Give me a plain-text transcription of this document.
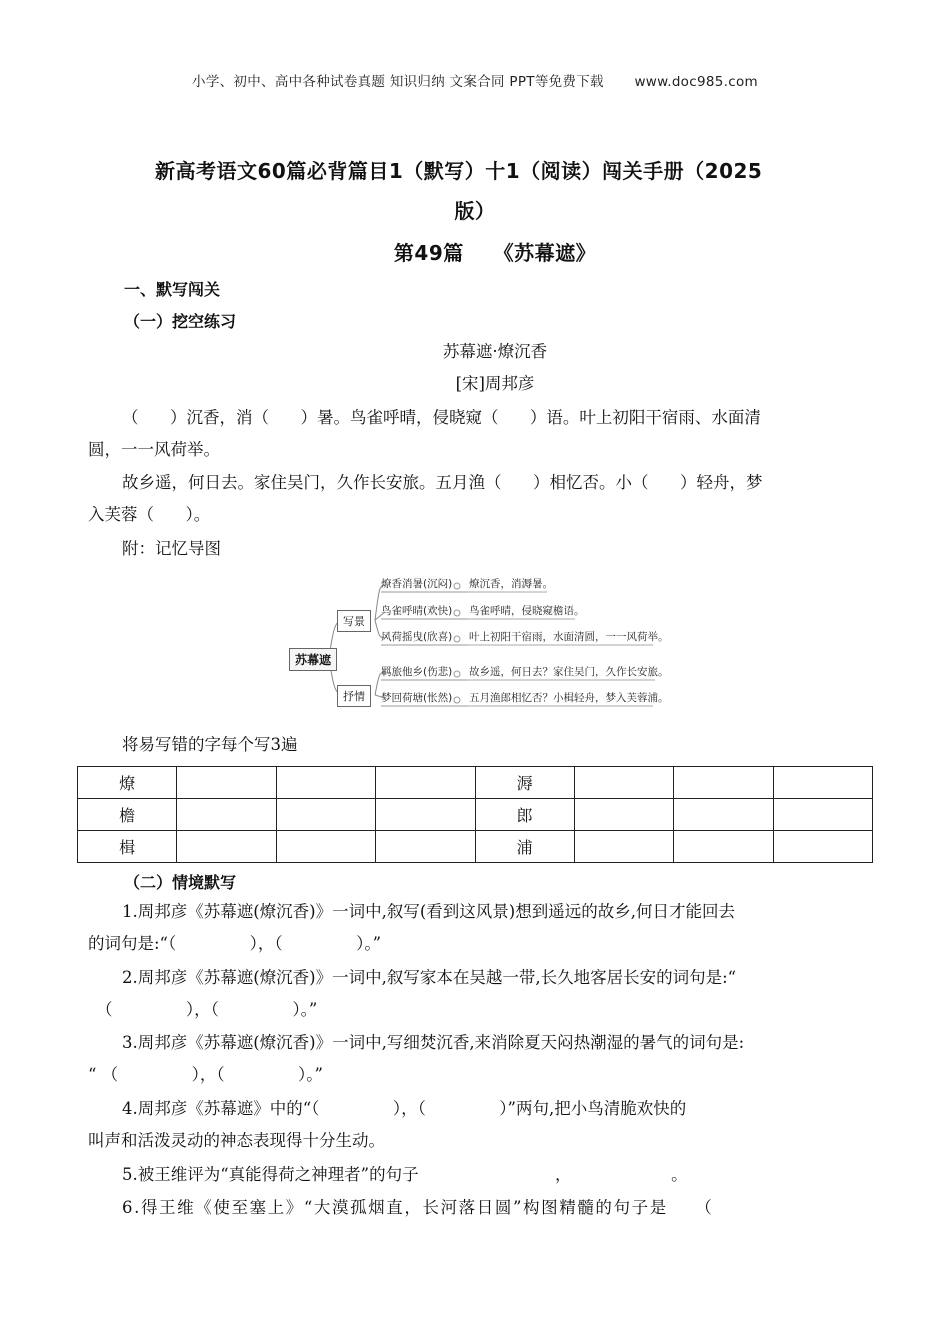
小学、初中、高中各种试卷真题 知识归纳 文案合同 PPT等免费下载 www.doc985.com
新高考语文60篇必背篇目1（默写）十1（阅读）闯关手册（2025
版）
第49篇    《苏幕遮》
一、默写闯关
（一）挖空练习
苏幕遮·燎沉香
[宋]周邦彦
（      ）沉香，消（      ）暑。鸟雀呼晴，侵晓窥（      ）语。叶上初阳干宿雨、水面清
圆，一一风荷举。
故乡遥，何日去。家住吴门，久作长安旅。五月渔（      ）相忆否。小（      ）轻舟，梦
入芙蓉（      ）。
附：记忆导图
苏幕遮
写景
抒情
燎香消暑(沉闷) 燎沉香，消溽暑。
鸟雀呼晴(欢快) 鸟雀呼晴，侵晓窥檐语。
风荷摇曳(欣喜) 叶上初阳干宿雨，水面清圆，一一风荷举。
羁旅他乡(伤悲) 故乡遥，何日去？家住吴门，久作长安旅。
梦回荷塘(怅然) 五月渔郎相忆否？小楫轻舟，梦入芙蓉浦。
将易写错的字每个写3遍
燎				溽			
檐				郎			
楫				浦			
（二）情境默写
1.周邦彦《苏幕遮(燎沉香)》一词中,叙写(看到这风景)想到遥远的故乡,何日才能回去
的词句是:“（              ），（              ）。”
2.周邦彦《苏幕遮(燎沉香)》一词中,叙写家本在吴越一带,长久地客居长安的词句是:“
（              ），（              ）。”
3.周邦彦《苏幕遮(燎沉香)》一词中,写细焚沉香,来消除夏天闷热潮湿的暑气的词句是:
“ （              ），（              ）。”
4.周邦彦《苏幕遮》中的“（              ），（              ）”两句,把小鸟清脆欢快的
叫声和活泼灵动的神态表现得十分生动。
5.被王维评为“真能得荷之神理者”的句子                          ，                   。
6.得王维《使至塞上》“大漠孤烟直，长河落日圆”构图精髓的句子是    （
